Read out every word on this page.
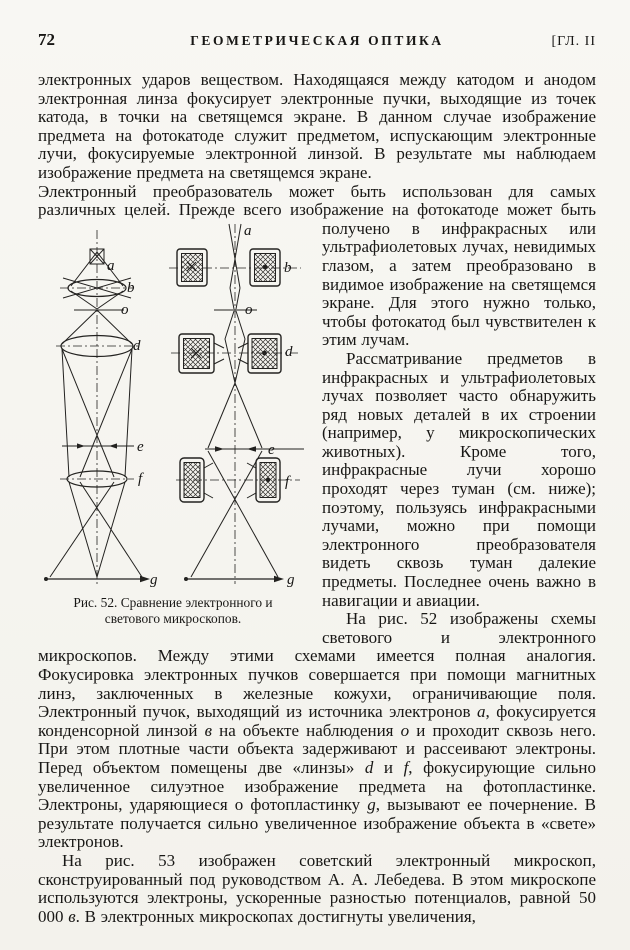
72	ГЕОМЕТРИЧЕСКАЯ ОПТИКА	[ГЛ. II

электронных ударов веществом. Находящаяся между катодом и анодом электронная линза фокусирует электронные пучки, выходящие из точек катода, в точки на светящемся экране. В данном случае изображение предмета на фотокатоде служит предметом, испускающим электронные лучи, фокусируемые электронной линзой. В результате мы наблюдаем изображение предмета на светящемся экране.

Электронный преобразователь может быть использован для самых различных целей. Прежде всего изображение на фотокатоде
a
b
o
d
e
f
g
a
b
o
d
e
f
g
Рис. 52. Сравнение электронного и
светового микроскопов.
может быть получено в инфракрасных или ультрафиолетовых лучах, невидимых глазом, а затем преобразовано в видимое изображение на светящемся экране. Для этого нужно только, чтобы фотокатод был чувствителен к этим лучам.

Рассматривание предметов в инфракрасных и ультрафиолетовых лучах позволяет часто обнаружить ряд новых деталей в их строении (например, у микроскопических животных). Кроме того, инфракрасные лучи хорошо проходят через туман (см. ниже); поэтому, пользуясь инфракрасными лучами, можно при помощи электронного преобразователя видеть сквозь туман далекие предметы. Последнее очень важно в навигации и авиации.

На рис. 52 изображены схемы светового и электронного микроскопов. Между этими схемами имеется полная аналогия. Фокусировка электронных пучков совершается при помощи магнитных линз, заключенных в железные кожухи, ограничивающие поля. Электронный пучок, выходящий из источника электронов а, фокусируется конденсорной линзой в на объекте наблюдения о и проходит сквозь него. При этом плотные части объекта задерживают и рассеивают электроны. Перед объектом помещены две «линзы» d и f, фокусирующие сильно увеличенное силуэтное изображение предмета на фотопластинке. Электроны, ударяющиеся о фотопластинку g, вызывают ее почернение. В результате получается сильно увеличенное изображение объекта в «свете» электронов.

На рис. 53 изображен советский электронный микроскоп, сконструированный под руководством А. А. Лебедева. В этом микроскопе используются электроны, ускоренные разностью потенциалов, равной 50 000 в. В электронных микроскопах достигнуты увеличения,
